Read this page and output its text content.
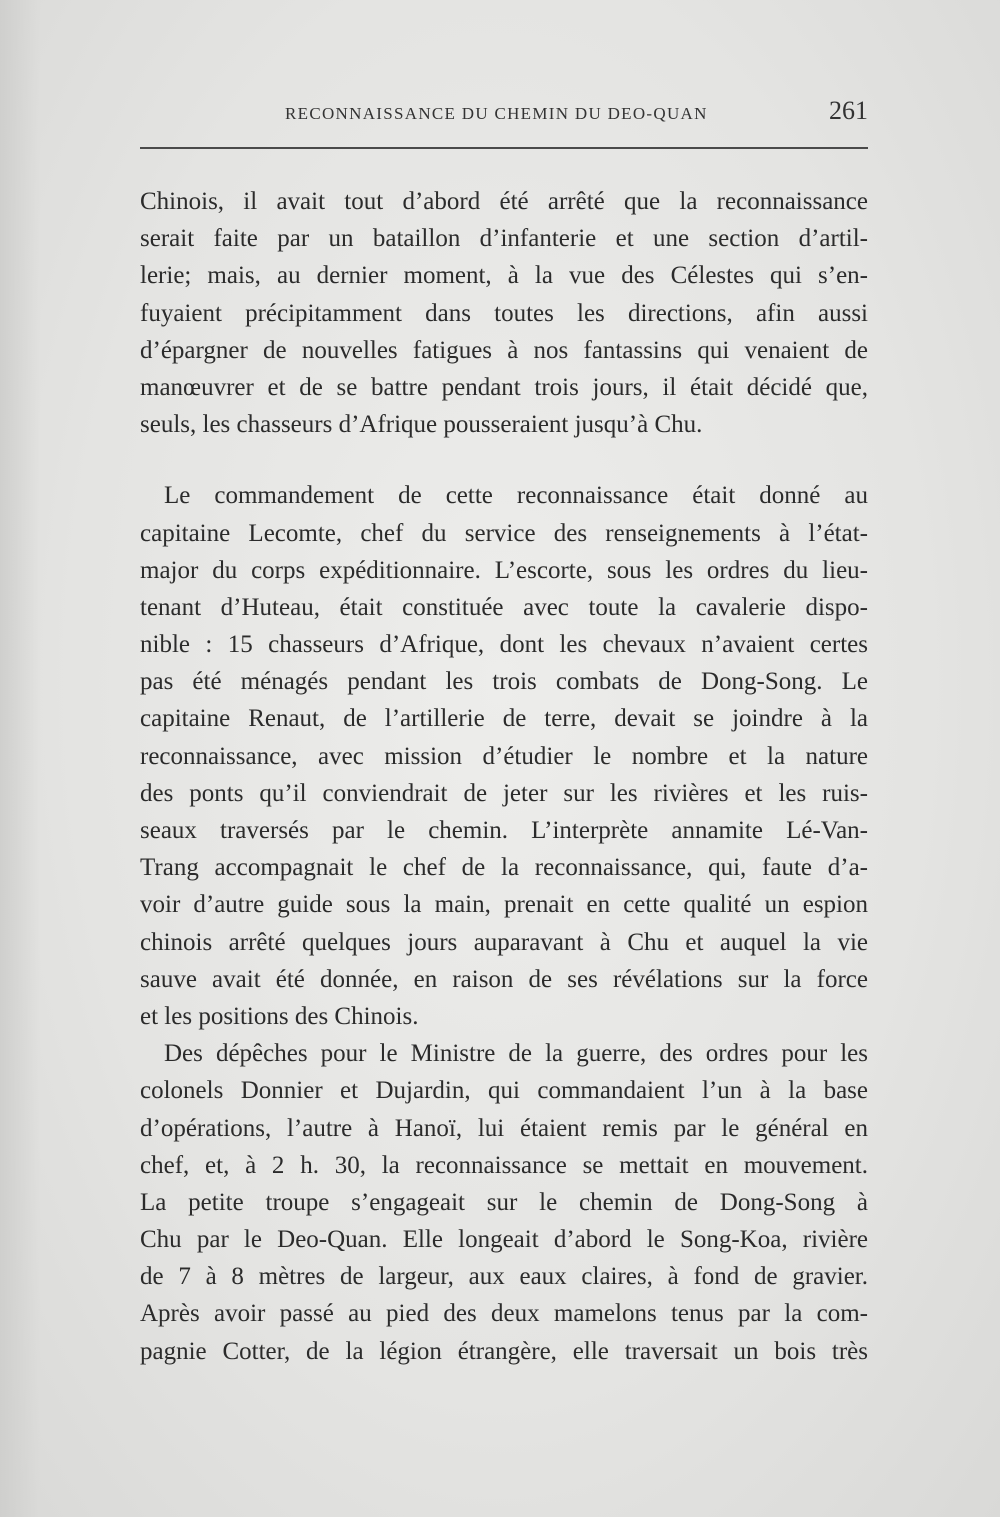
RECONNAISSANCE DU CHEMIN DU DEO-QUAN	261
Chinois, il avait tout d’abord été arrêté que la reconnaissance
serait faite par un bataillon d’infanterie et une section d’artil-
lerie; mais, au dernier moment, à la vue des Célestes qui s’en-
fuyaient précipitamment dans toutes les directions, afin aussi
d’épargner de nouvelles fatigues à nos fantassins qui venaient de
manœuvrer et de se battre pendant trois jours, il était décidé que,
seuls, les chasseurs d’Afrique pousseraient jusqu’à Chu.
Le commandement de cette reconnaissance était donné au
capitaine Lecomte, chef du service des renseignements à l’état-
major du corps expéditionnaire. L’escorte, sous les ordres du lieu-
tenant d’Huteau, était constituée avec toute la cavalerie dispo-
nible : 15 chasseurs d’Afrique, dont les chevaux n’avaient certes
pas été ménagés pendant les trois combats de Dong-Song. Le
capitaine Renaut, de l’artillerie de terre, devait se joindre à la
reconnaissance, avec mission d’étudier le nombre et la nature
des ponts qu’il conviendrait de jeter sur les rivières et les ruis-
seaux traversés par le chemin. L’interprète annamite Lé-Van-
Trang accompagnait le chef de la reconnaissance, qui, faute d’a-
voir d’autre guide sous la main, prenait en cette qualité un espion
chinois arrêté quelques jours auparavant à Chu et auquel la vie
sauve avait été donnée, en raison de ses révélations sur la force
et les positions des Chinois.
Des dépêches pour le Ministre de la guerre, des ordres pour les
colonels Donnier et Dujardin, qui commandaient l’un à la base
d’opérations, l’autre à Hanoï, lui étaient remis par le général en
chef, et, à 2 h. 30, la reconnaissance se mettait en mouvement.
La petite troupe s’engageait sur le chemin de Dong-Song à
Chu par le Deo-Quan. Elle longeait d’abord le Song-Koa, rivière
de 7 à 8 mètres de largeur, aux eaux claires, à fond de gravier.
Après avoir passé au pied des deux mamelons tenus par la com-
pagnie Cotter, de la légion étrangère, elle traversait un bois très
